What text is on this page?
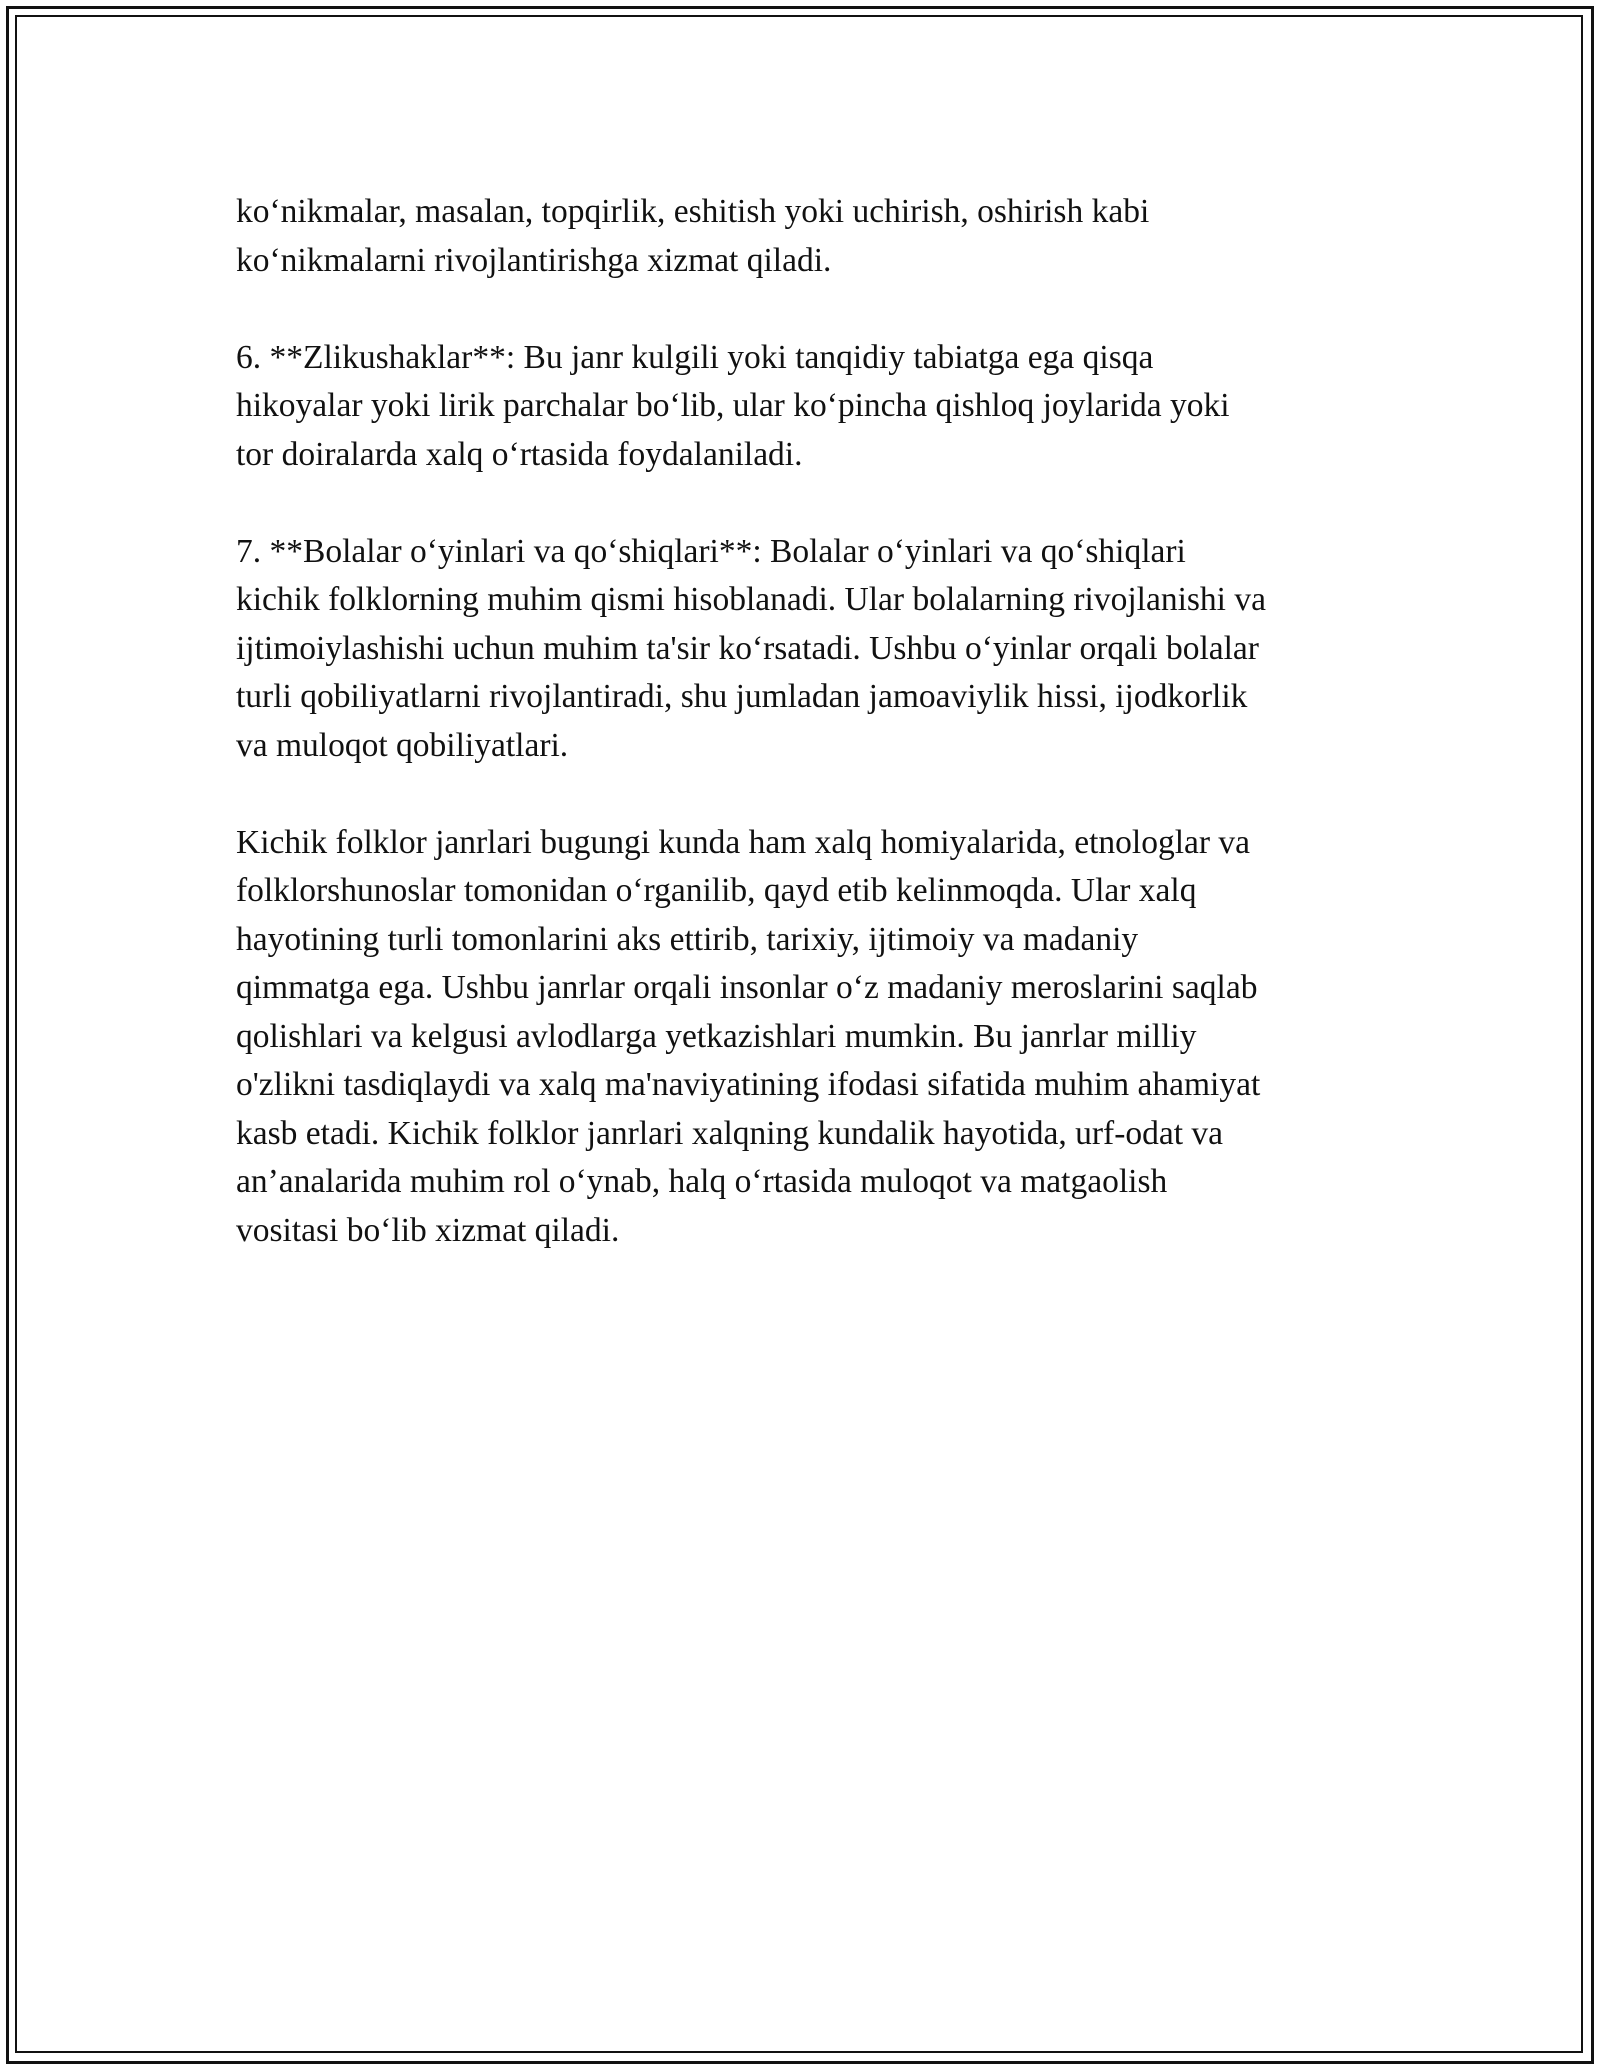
ko‘nikmalar, masalan, topqirlik, eshitish yoki uchirish, oshirish kabi
ko‘nikmalarni rivojlantirishga xizmat qiladi.

6. **Zlikushaklar**: Bu janr kulgili yoki tanqidiy tabiatga ega qisqa
hikoyalar yoki lirik parchalar bo‘lib, ular ko‘pincha qishloq joylarida yoki
tor doiralarda xalq o‘rtasida foydalaniladi.

7. **Bolalar o‘yinlari va qo‘shiqlari**: Bolalar o‘yinlari va qo‘shiqlari
kichik folklorning muhim qismi hisoblanadi. Ular bolalarning rivojlanishi va
ijtimoiylashishi uchun muhim ta'sir ko‘rsatadi. Ushbu o‘yinlar orqali bolalar
turli qobiliyatlarni rivojlantiradi, shu jumladan jamoaviylik hissi, ijodkorlik
va muloqot qobiliyatlari.

Kichik folklor janrlari bugungi kunda ham xalq homiyalarida, etnologlar va
folklorshunoslar tomonidan o‘rganilib, qayd etib kelinmoqda. Ular xalq
hayotining turli tomonlarini aks ettirib, tarixiy, ijtimoiy va madaniy
qimmatga ega. Ushbu janrlar orqali insonlar o‘z madaniy meroslarini saqlab
qolishlari va kelgusi avlodlarga yetkazishlari mumkin. Bu janrlar milliy
o'zlikni tasdiqlaydi va xalq ma'naviyatining ifodasi sifatida muhim ahamiyat
kasb etadi. Kichik folklor janrlari xalqning kundalik hayotida, urf-odat va
an’analarida muhim rol o‘ynab, halq o‘rtasida muloqot va matgaolish
vositasi bo‘lib xizmat qiladi.
